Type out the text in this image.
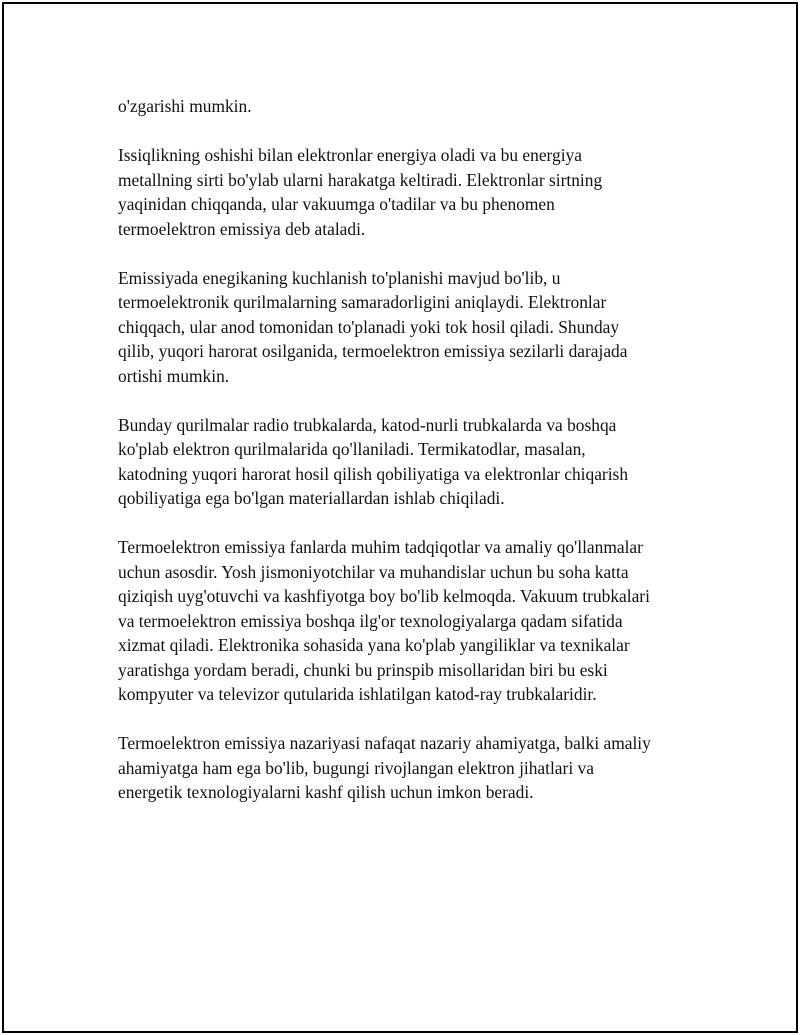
o'zgarishi mumkin.

Issiqlikning oshishi bilan elektronlar energiya oladi va bu energiya
metallning sirti bo'ylab ularni harakatga keltiradi. Elektronlar sirtning
yaqinidan chiqqanda, ular vakuumga o'tadilar va bu phenomen
termoelektron emissiya deb ataladi.

Emissiyada enegikaning kuchlanish to'planishi mavjud bo'lib, u
termoelektronik qurilmalarning samaradorligini aniqlaydi. Elektronlar
chiqqach, ular anod tomonidan to'planadi yoki tok hosil qiladi. Shunday
qilib, yuqori harorat osilganida, termoelektron emissiya sezilarli darajada
ortishi mumkin.

Bunday qurilmalar radio trubkalarda, katod-nurli trubkalarda va boshqa
ko'plab elektron qurilmalarida qo'llaniladi. Termikatodlar, masalan,
katodning yuqori harorat hosil qilish qobiliyatiga va elektronlar chiqarish
qobiliyatiga ega bo'lgan materiallardan ishlab chiqiladi.

Termoelektron emissiya fanlarda muhim tadqiqotlar va amaliy qo'llanmalar
uchun asosdir. Yosh jismoniyotchilar va muhandislar uchun bu soha katta
qiziqish uyg'otuvchi va kashfiyotga boy bo'lib kelmoqda. Vakuum trubkalari
va termoelektron emissiya boshqa ilg'or texnologiyalarga qadam sifatida
xizmat qiladi. Elektronika sohasida yana ko'plab yangiliklar va texnikalar
yaratishga yordam beradi, chunki bu prinspib misollaridan biri bu eski
kompyuter va televizor qutularida ishlatilgan katod-ray trubkalaridir.

Termoelektron emissiya nazariyasi nafaqat nazariy ahamiyatga, balki amaliy
ahamiyatga ham ega bo'lib, bugungi rivojlangan elektron jihatlari va
energetik texnologiyalarni kashf qilish uchun imkon beradi.
